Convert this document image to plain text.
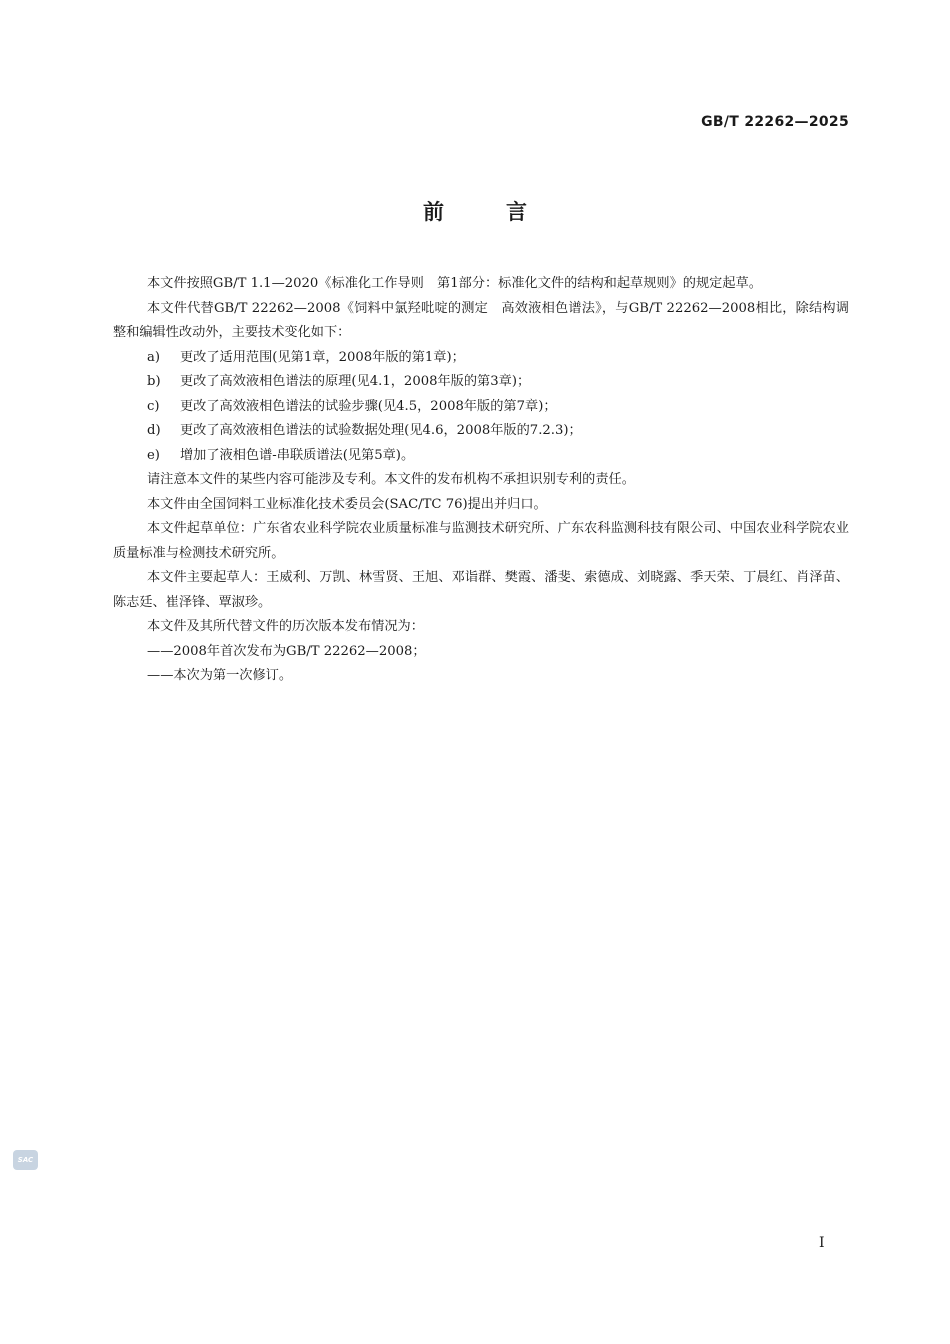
GB/T 22262—2025
前言

本文件按照GB/T 1.1—2020《标准化工作导则　第1部分：标准化文件的结构和起草规则》的规定起草。

本文件代替GB/T 22262—2008《饲料中氯羟吡啶的测定　高效液相色谱法》，与GB/T 22262—2008相比，除结构调整和编辑性改动外，主要技术变化如下：

a) 更改了适用范围(见第1章，2008年版的第1章)；

b) 更改了高效液相色谱法的原理(见4.1，2008年版的第3章)；

c) 更改了高效液相色谱法的试验步骤(见4.5，2008年版的第7章)；

d) 更改了高效液相色谱法的试验数据处理(见4.6，2008年版的7.2.3)；

e) 增加了液相色谱-串联质谱法(见第5章)。

请注意本文件的某些内容可能涉及专利。本文件的发布机构不承担识别专利的责任。

本文件由全国饲料工业标准化技术委员会(SAC/TC 76)提出并归口。

本文件起草单位：广东省农业科学院农业质量标准与监测技术研究所、广东农科监测科技有限公司、中国农业科学院农业质量标准与检测技术研究所。

本文件主要起草人：王威利、万凯、林雪贤、王旭、邓诣群、樊霞、潘斐、索德成、刘晓露、季天荣、丁晨红、肖泽苗、陈志廷、崔泽锋、覃淑珍。

本文件及其所代替文件的历次版本发布情况为：

——2008年首次发布为GB/T 22262—2008；

——本次为第一次修订。

SAC
I
